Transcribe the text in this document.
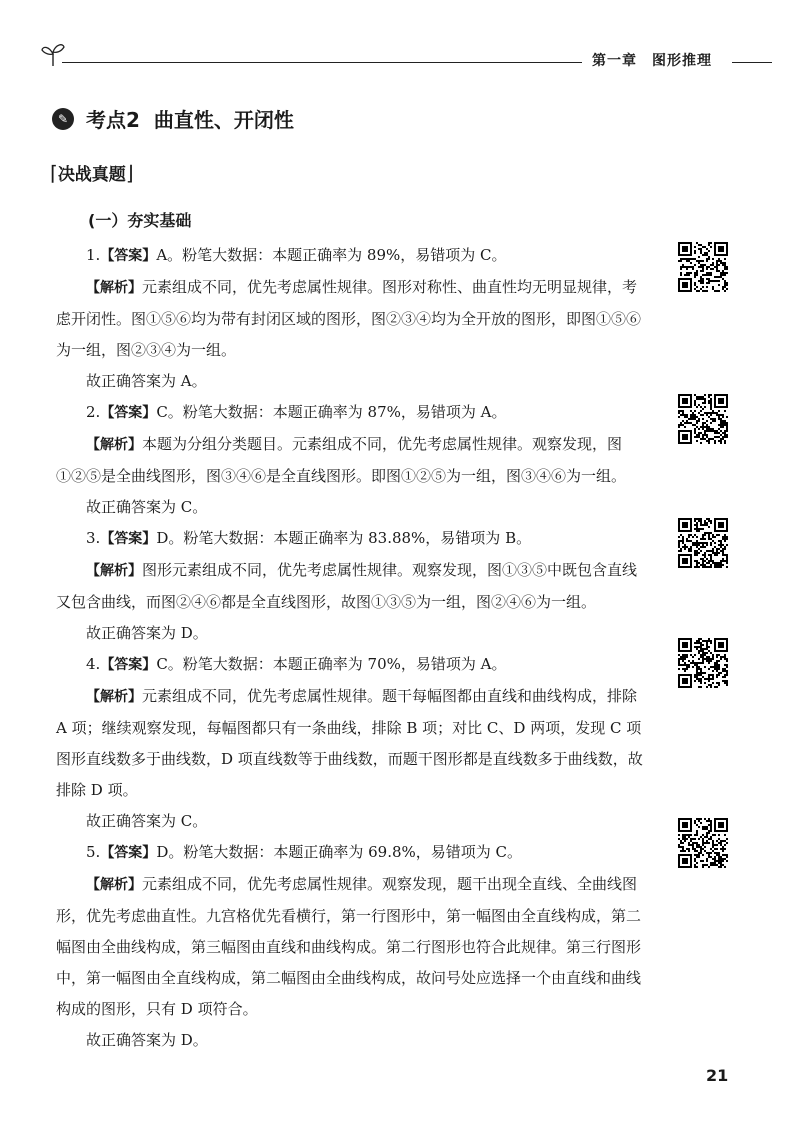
第一章　图形推理
✎ 考点2 曲直性、开闭性
⌈决战真题⌋
(一）夯实基础

1.【答案】A。粉笔大数据：本题正确率为 89%，易错项为 C。

【解析】元素组成不同，优先考虑属性规律。图形对称性、曲直性均无明显规律，考虑开闭性。图①⑤⑥均为带有封闭区域的图形，图②③④均为全开放的图形，即图①⑤⑥为一组，图②③④为一组。

故正确答案为 A。

2.【答案】C。粉笔大数据：本题正确率为 87%，易错项为 A。

【解析】本题为分组分类题目。元素组成不同，优先考虑属性规律。观察发现，图①②⑤是全曲线图形，图③④⑥是全直线图形。即图①②⑤为一组，图③④⑥为一组。

故正确答案为 C。

3.【答案】D。粉笔大数据：本题正确率为 83.88%，易错项为 B。

【解析】图形元素组成不同，优先考虑属性规律。观察发现，图①③⑤中既包含直线又包含曲线，而图②④⑥都是全直线图形，故图①③⑤为一组，图②④⑥为一组。

故正确答案为 D。

4.【答案】C。粉笔大数据：本题正确率为 70%，易错项为 A。

【解析】元素组成不同，优先考虑属性规律。题干每幅图都由直线和曲线构成，排除 A 项；继续观察发现，每幅图都只有一条曲线，排除 B 项；对比 C、D 两项，发现 C 项图形直线数多于曲线数，D 项直线数等于曲线数，而题干图形都是直线数多于曲线数，故排除 D 项。

故正确答案为 C。

5.【答案】D。粉笔大数据：本题正确率为 69.8%，易错项为 C。

【解析】元素组成不同，优先考虑属性规律。观察发现，题干出现全直线、全曲线图形，优先考虑曲直性。九宫格优先看横行，第一行图形中，第一幅图由全直线构成，第二幅图由全曲线构成，第三幅图由直线和曲线构成。第二行图形也符合此规律。第三行图形中，第一幅图由全直线构成，第二幅图由全曲线构成，故问号处应选择一个由直线和曲线构成的图形，只有 D 项符合。

故正确答案为 D。

21
